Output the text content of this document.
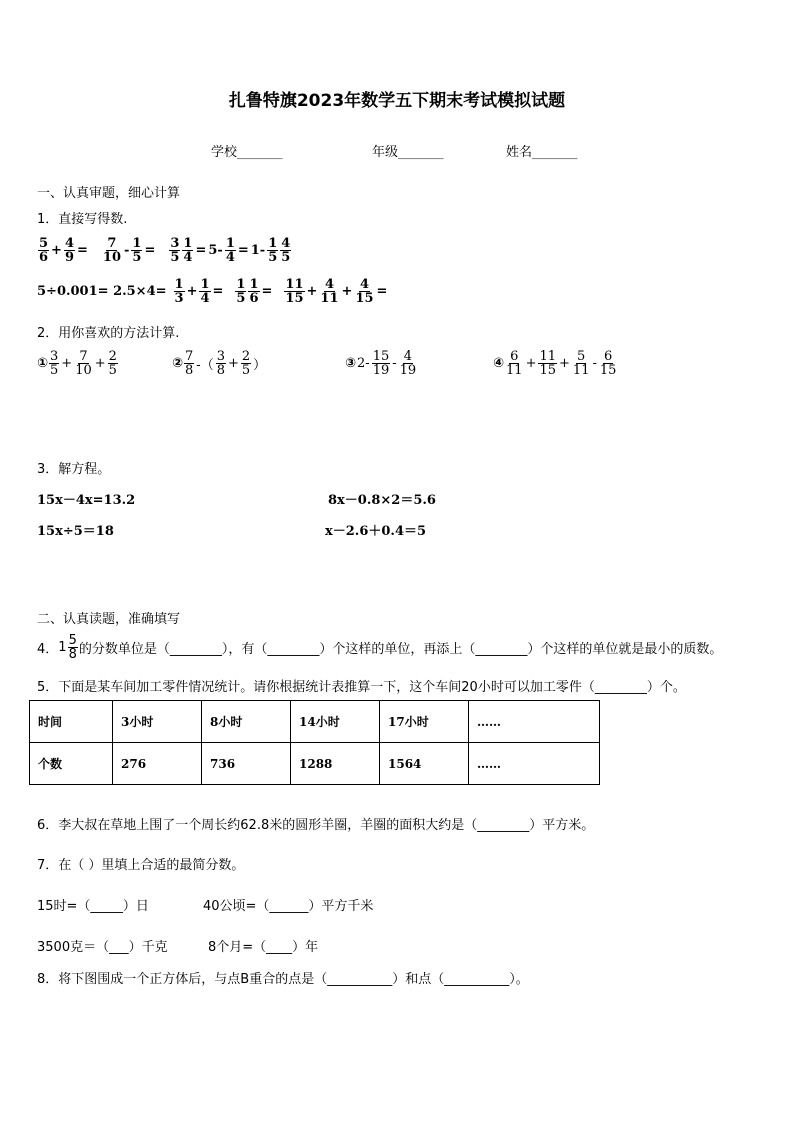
扎鲁特旗2023年数学五下期末考试模拟试题
学校_______	年级_______	姓名_______
一、认真审题，细心计算
1．直接写得数.
$\frac{5}{6} + \frac{4}{9} = \frac{7}{10} - \frac{1}{5} = \frac{3}{5} \frac{1}{4} = 5- \frac{1}{4} = 1- \frac{1}{5} \frac{4}{5}$
$5\div 0.001= 2.5\times 4= \frac{1}{3} + \frac{1}{4} = \frac{1}{5} \frac{1}{6} = \frac{11}{15} + \frac{4}{11} + \frac{4}{15}$ =
2．用你喜欢的方法计算.
① $\frac{3}{5} + \frac{7}{10} + \frac{2}{5}$	② $\frac{7}{8}$ -（ $\frac{3}{8} + \frac{2}{5}$ ）	③ $2- \frac{15}{19} - \frac{4}{19}$	④ $\frac{6}{11} + \frac{11}{15} + \frac{5}{11} - \frac{6}{15}$
3．解方程。
15x－4x=13.2	8x－0.8×2＝5.6
15x÷5＝18	x－2.6＋0.4＝5
二、认真读题，准确填写
4． $1 \frac{5}{8}$ 的分数单位是（________），有（________）个这样的单位，再添上（________）个这样的单位就是最小的质数。
5．下面是某车间加工零件情况统计。请你根据统计表推算一下，这个车间20小时可以加工零件（________）个。
时间	3小时	8小时	14小时	17小时	……
个数	276	736	1288	1564	……
6．李大叔在草地上围了一个周长约62.8米的圆形羊圈，羊圈的面积大约是（________）平方米。
7．在（ ）里填上合适的最简分数。
15时=（_____）日	40公顷=（______）平方千米
3500克＝（___）千克	8个月=（____）年
8．将下图围成一个正方体后，与点B重合的点是（__________）和点（__________）。
